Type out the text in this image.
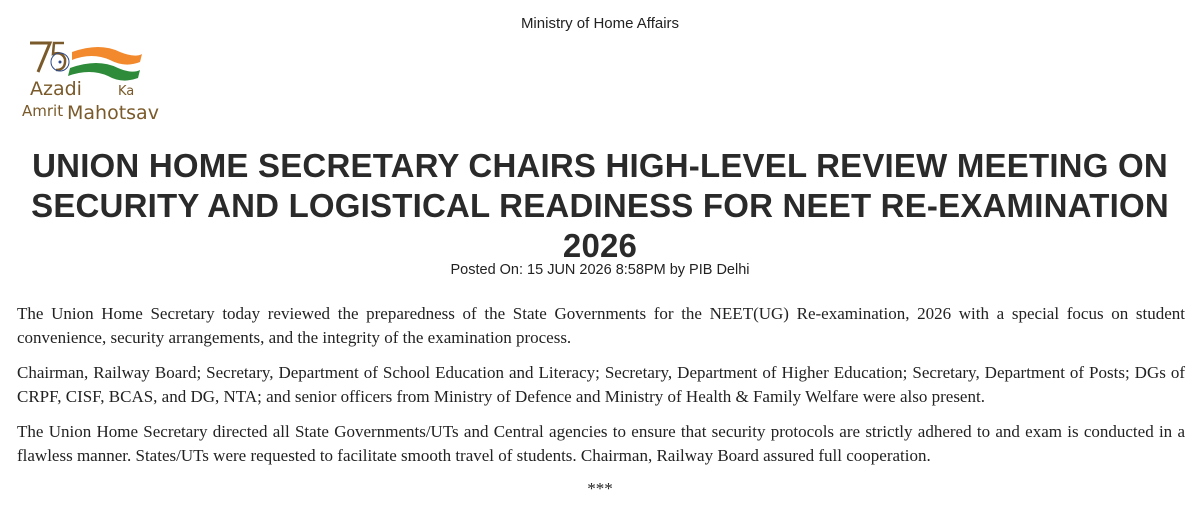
Ministry of Home Affairs
Azadi	Ka
Amrit Mahotsav
UNION HOME SECRETARY CHAIRS HIGH-LEVEL REVIEW MEETING ON
SECURITY AND LOGISTICAL READINESS FOR NEET RE-EXAMINATION 2026
Posted On: 15 JUN 2026 8:58PM by PIB Delhi

The Union Home Secretary today reviewed the preparedness of the State Governments for the NEET(UG) Re-examination, 2026 with a special focus on student convenience, security arrangements, and the integrity of the examination process.

Chairman, Railway Board; Secretary, Department of School Education and Literacy; Secretary, Department of Higher Education; Secretary, Department of Posts; DGs of CRPF, CISF, BCAS, and DG, NTA; and senior officers from Ministry of Defence and Ministry of Health & Family Welfare were also present.

The Union Home Secretary directed all State Governments/UTs and Central agencies to ensure that security protocols are strictly adhered to and exam is conducted in a flawless manner. States/UTs were requested to facilitate smooth travel of students. Chairman, Railway Board assured full cooperation.

***
